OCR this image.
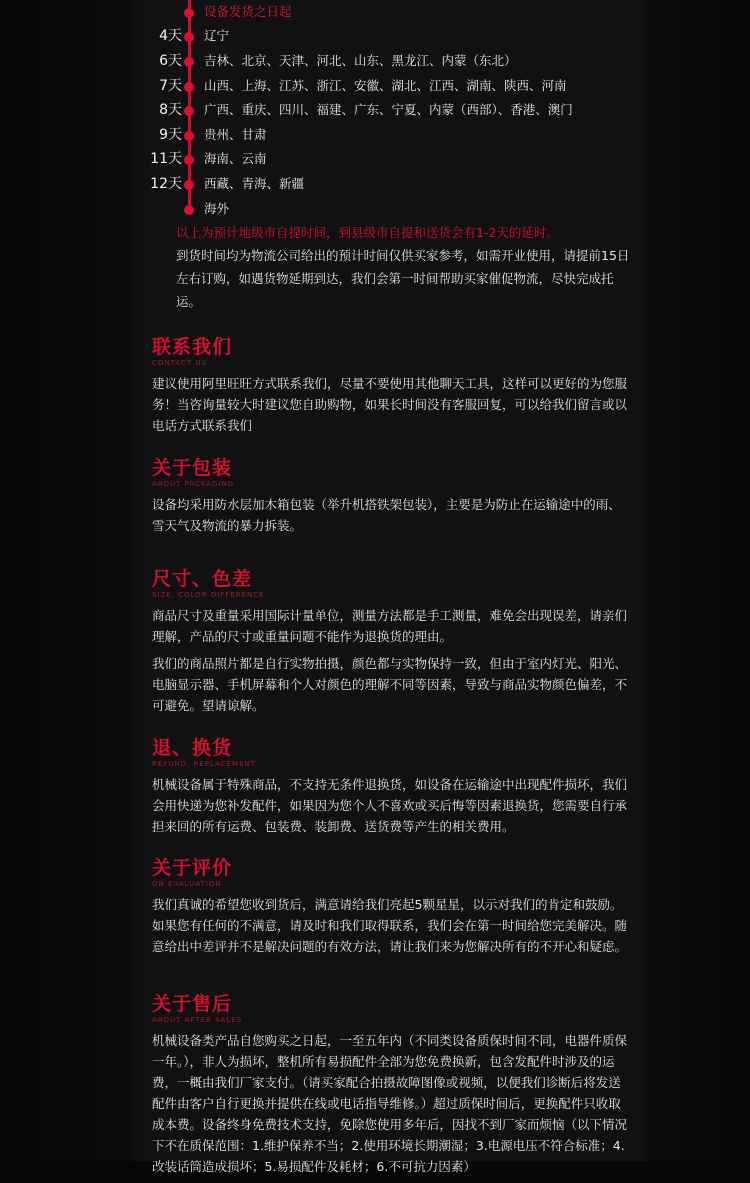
设备发货之日起
4天 辽宁
6天 吉林、北京、天津、河北、山东、黑龙江、内蒙（东北）
7天 山西、上海、江苏、浙江、安徽、湖北、江西、湖南、陕西、河南
8天 广西、重庆、四川、福建、广东、宁夏、内蒙（西部）、香港、澳门
9天 贵州、甘肃
11天 海南、云南
12天 西藏、青海、新疆
海外
以上为预计地级市自提时间，到县级市自提和送货会有1-2天的延时。
到货时间均为物流公司给出的预计时间仅供买家参考，如需开业使用，请提前15日左右订购，如遇货物延期到达，我们会第一时间帮助买家催促物流，尽快完成托运。
联系我们
CONTACT US

建议使用阿里旺旺方式联系我们，尽量不要使用其他聊天工具，这样可以更好的为您服务！当咨询量较大时建议您自助购物，如果长时间没有客服回复，可以给我们留言或以电话方式联系我们

关于包装
ABOUT PACKAGING

设备均采用防水层加木箱包装（举升机搭铁架包装），主要是为防止在运输途中的雨、雪天气及物流的暴力拆装。

尺寸、色差
SIZE, COLOR DIFFERENCE

商品尺寸及重量采用国际计量单位，测量方法都是手工测量，难免会出现误差，请亲们理解，产品的尺寸或重量问题不能作为退换货的理由。

我们的商品照片都是自行实物拍摄，颜色都与实物保持一致，但由于室内灯光、阳光、电脑显示器、手机屏幕和个人对颜色的理解不同等因素，导致与商品实物颜色偏差，不可避免。望请谅解。

退、换货
REFUND, REPLACEMENT

机械设备属于特殊商品，不支持无条件退换货，如设备在运输途中出现配件损坏，我们会用快递为您补发配件，如果因为您个人不喜欢或买后悔等因素退换货，您需要自行承担来回的所有运费、包装费、装卸费、送货费等产生的相关费用。

关于评价
ON EVALUATION

我们真诚的希望您收到货后，满意请给我们亮起5颗星星，以示对我们的肯定和鼓励。如果您有任何的不满意，请及时和我们取得联系，我们会在第一时间给您完美解决。随意给出中差评并不是解决问题的有效方法，请让我们来为您解决所有的不开心和疑虑。

关于售后
ABOUT AFTER SALES

机械设备类产品自您购买之日起，一至五年内（不同类设备质保时间不同，电器件质保一年。），非人为损坏，整机所有易损配件全部为您免费换新，包含发配件时涉及的运费，一概由我们厂家支付。（请买家配合拍摄故障图像或视频，以便我们诊断后将发送配件由客户自行更换并提供在线或电话指导维修。）超过质保时间后，更换配件只收取成本费。设备终身免费技术支持，免除您使用多年后，因找不到厂家而烦恼（以下情况下不在质保范围：1.维护保养不当；2.使用环境长期潮湿；3.电源电压不符合标准；4.改装话筒造成损坏；5.易损配件及耗材；6.不可抗力因素）
